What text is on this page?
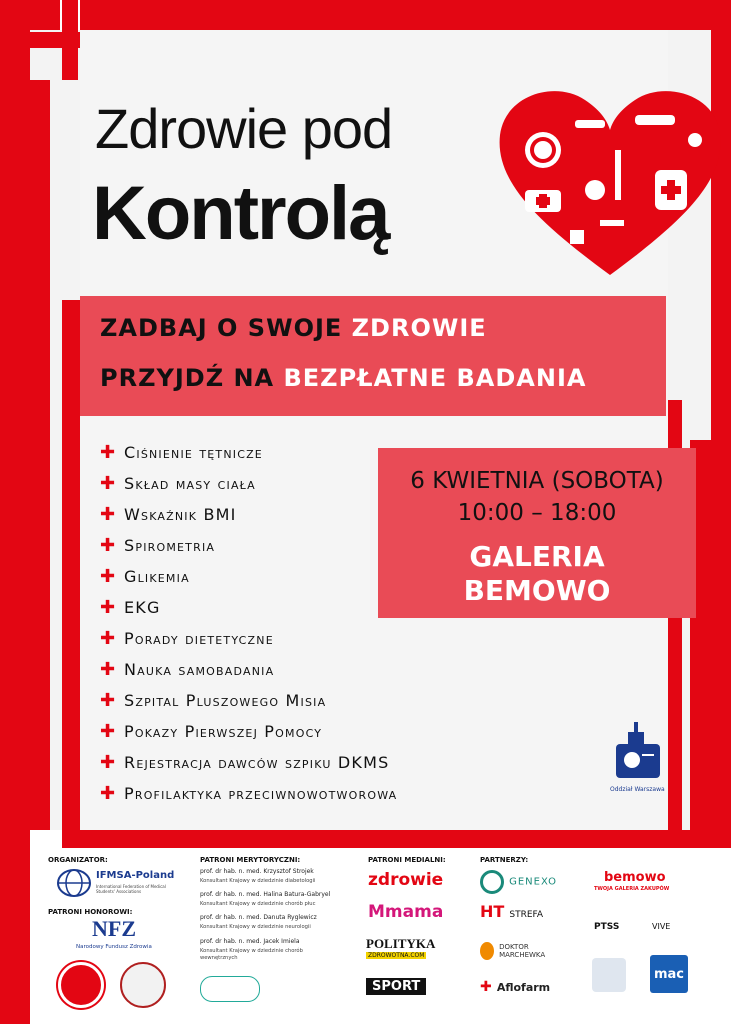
Zdrowie pod
Kontrolą
ZADBAJ O SWOJE ZDROWIE
PRZYJDŹ NA BEZPŁATNE BADANIA
✚ Ciśnienie tętnicze
✚ Skład masy ciała
✚ Wskaźnik BMI
✚ Spirometria
✚ Glikemia
✚ EKG
✚ Porady dietetyczne
✚ Nauka samobadania
✚ Szpital Pluszowego Misia
✚ Pokazy Pierwszej Pomocy
✚ Rejestracja dawców szpiku DKMS
✚ Profilaktyka przeciwnowotworowa
6 KWIETNIA (SOBOTA)
10:00 – 18:00
GALERIA
BEMOWO
Oddział Warszawa
ORGANIZATOR:
IFMSA-Poland
International Federation of Medical Students' Associations
PATRONI HONOROWI:
NFZ
Narodowy Fundusz Zdrowia
PATRONI MERYTORYCZNI:
prof. dr hab. n. med. Krzysztof Strojek
Konsultant Krajowy w dziedzinie diabetologii
prof. dr hab. n. med. Halina Batura-Gabryel
Konsultant Krajowy w dziedzinie chorób płuc
prof. dr hab. n. med. Danuta Ryglewicz
Konsultant Krajowy w dziedzinie neurologii
prof. dr hab. n. med. Jacek Imiela
Konsultant Krajowy w dziedzinie chorób wewnętrznych
PATRONI MEDIALNI:
zdrowie
Mmama
POLITYKA
ZDROWOTNA.COM
SPORT
PARTNERZY:
GENEXO
HT STREFA
DOKTOR MARCHEWKA
✚ Aflofarm
bemowo
TWOJA GALERIA ZAKUPÓW
PTSS	VIVE
mac
